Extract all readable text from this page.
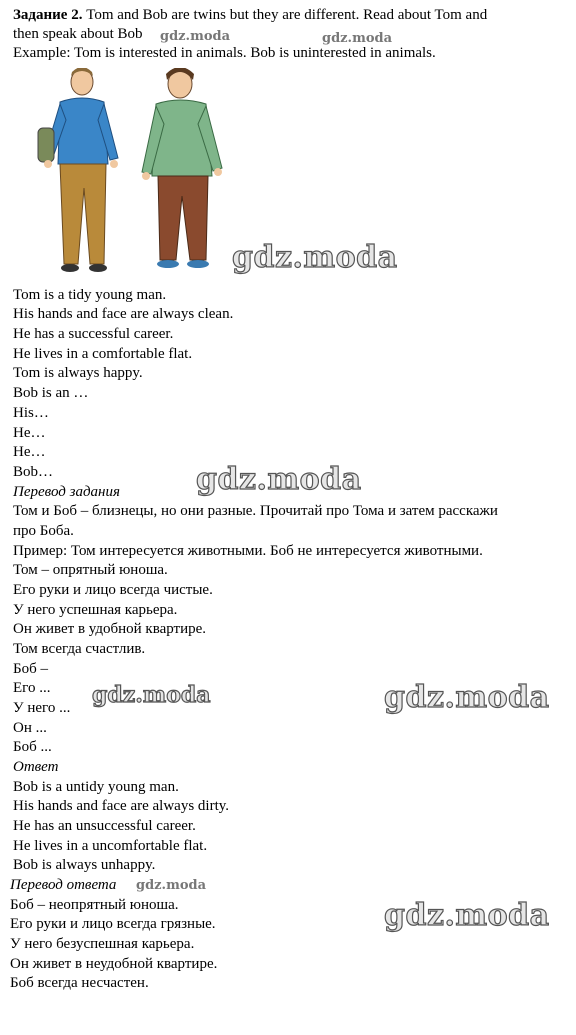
Задание 2. Tom and Bob are twins but they are different. Read about Tom and
then speak about Bob gdz.moda	gdz.moda
Example: Tom is interested in animals. Bob is uninterested in animals.
gdz.moda
Tom is a tidy young man.
His hands and face are always clean.
He has a successful career.
He lives in a comfortable flat.
Tom is always happy.
Bob is an …
His…
He…
He…
Bob…
Перевод задания	gdz.moda
Том и Боб – близнецы, но они разные. Прочитай про Тома и затем расскажи
про Боба.
Пример: Том интересуется животными. Боб не интересуется животными.
Том – опрятный юноша.
Его руки и лицо всегда чистые.
У него успешная карьера.
Он живет в удобной квартире.
Том всегда счастлив.
Боб –
Его ...
У него ...
Он ...
Боб ...
gdz.moda	gdz.moda
Ответ
Bob is a untidy young man.
His hands and face are always dirty.
He has an unsuccessful career.
He lives in a uncomfortable flat.
Bob is always unhappy.
Перевод ответа gdz.moda
Боб – неопрятный юноша.
Его руки и лицо всегда грязные.
У него безуспешная карьера.
Он живет в неудобной квартире.
Боб всегда несчастен.
gdz.moda
